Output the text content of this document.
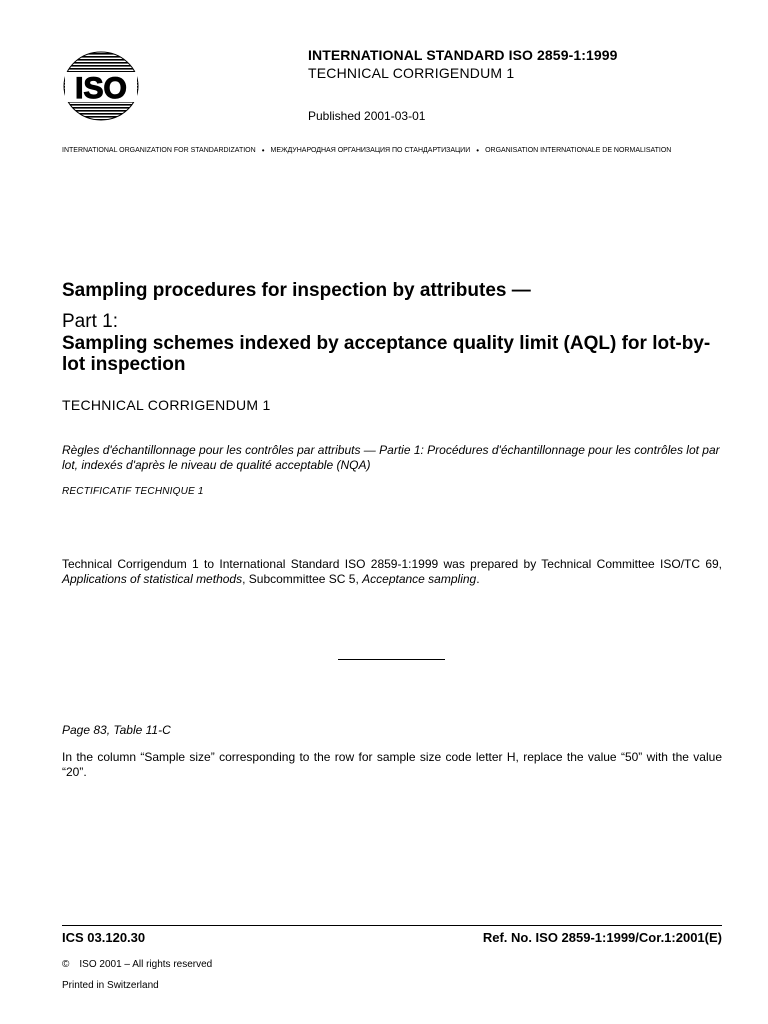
ISO
INTERNATIONAL STANDARD ISO 2859-1:1999
TECHNICAL CORRIGENDUM 1
Published 2001-03-01
INTERNATIONAL ORGANIZATION FOR STANDARDIZATION • МЕЖДУНАРОДНАЯ ОРГАНИЗАЦИЯ ПО СТАНДАРТИЗАЦИИ • ORGANISATION INTERNATIONALE DE NORMALISATION
Sampling procedures for inspection by attributes —
Part 1:
Sampling schemes indexed by acceptance quality limit (AQL) for lot-by-lot inspection
TECHNICAL CORRIGENDUM 1
Règles d'échantillonnage pour les contrôles par attributs — Partie 1: Procédures d'échantillonnage pour les contrôles lot par lot, indexés d'après le niveau de qualité acceptable (NQA)
RECTIFICATIF TECHNIQUE 1
Technical Corrigendum 1 to International Standard ISO 2859-1:1999 was prepared by Technical Committee ISO/TC 69, Applications of statistical methods, Subcommittee SC 5, Acceptance sampling.
Page 83, Table 11-C
In the column “Sample size” corresponding to the row for sample size code letter H, replace the value “50” with the value “20”.
ICS 03.120.30	Ref. No. ISO 2859-1:1999/Cor.1:2001(E)
© ISO 2001 – All rights reserved
Printed in Switzerland
